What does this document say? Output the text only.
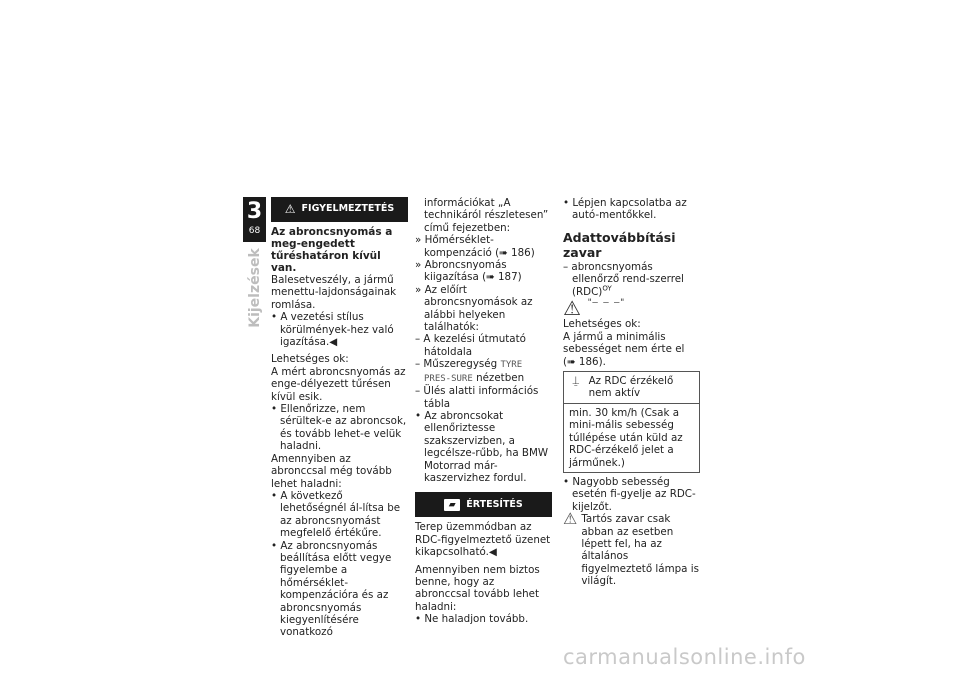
3
68
Kijelzések
⚠ FIGYELMEZTETÉS

Az abroncsnyomás a meg-engedett tűréshatáron kívül van.

Balesetveszély, a jármű menettu-lajdonságainak romlása.

• A vezetési stílus körülmények-hez való igazítása.◀

Lehetséges ok:

A mért abroncsnyomás az enge-délyezett tűrésen kívül esik.

• Ellenőrizze, nem sérültek-e az abroncsok, és tovább lehet-e velük haladni.

Amennyiben az abronccsal még tovább lehet haladni:

• A következő lehetőségnél ál-lítsa be az abroncsnyomást megfelelő értékűre.

• Az abroncsnyomás beállítása előtt vegye figyelembe a hőmérséklet-kompenzációra és az abroncsnyomás kiegyenlítésére vonatkozó

információkat „A technikáról részletesen” című fejezetben:

» Hőmérséklet-kompenzáció (➠ 186)

» Abroncsnyomás kiigazítása (➠ 187)

» Az előírt abroncsnyomások az alábbi helyeken találhatók:

– A kezelési útmutató hátoldala

– Műszeregység TYRE PRES-SURE nézetben

– Ülés alatti információs tábla

• Az abroncsokat ellenőriztesse szakszervizben, a legcélsze-rűbb, ha BMW Motorrad már-kaszervizhez fordul.

▰	ÉRTESÍTÉS

Terep üzemmódban az RDC-figyelmeztető üzenet kikapcsolható.◀

Amennyiben nem biztos benne, hogy az abronccsal tovább lehet haladni:

• Ne haladjon tovább.

• Lépjen kapcsolatba az autó-mentőkkel.

Adattovábbítási zavar

– abroncsnyomás ellenőrző rend-szerrel (RDC)$^{OY}$

⚠ "– – –"

Lehetséges ok:

A jármű a minimális sebességet nem érte el (➠ 186).

⍊ Az RDC érzékelő nem aktív
min. 30 km/h (Csak a mini-mális sebesség túllépése után küld az RDC-érzékelő jelet a járműnek.)

• Nagyobb sebesség esetén fi-gyelje az RDC-kijelzőt.

⚠ Tartós zavar csak abban az esetben lépett fel, ha az általános figyelmeztető lámpa is világít.
carmanualsonline.info
